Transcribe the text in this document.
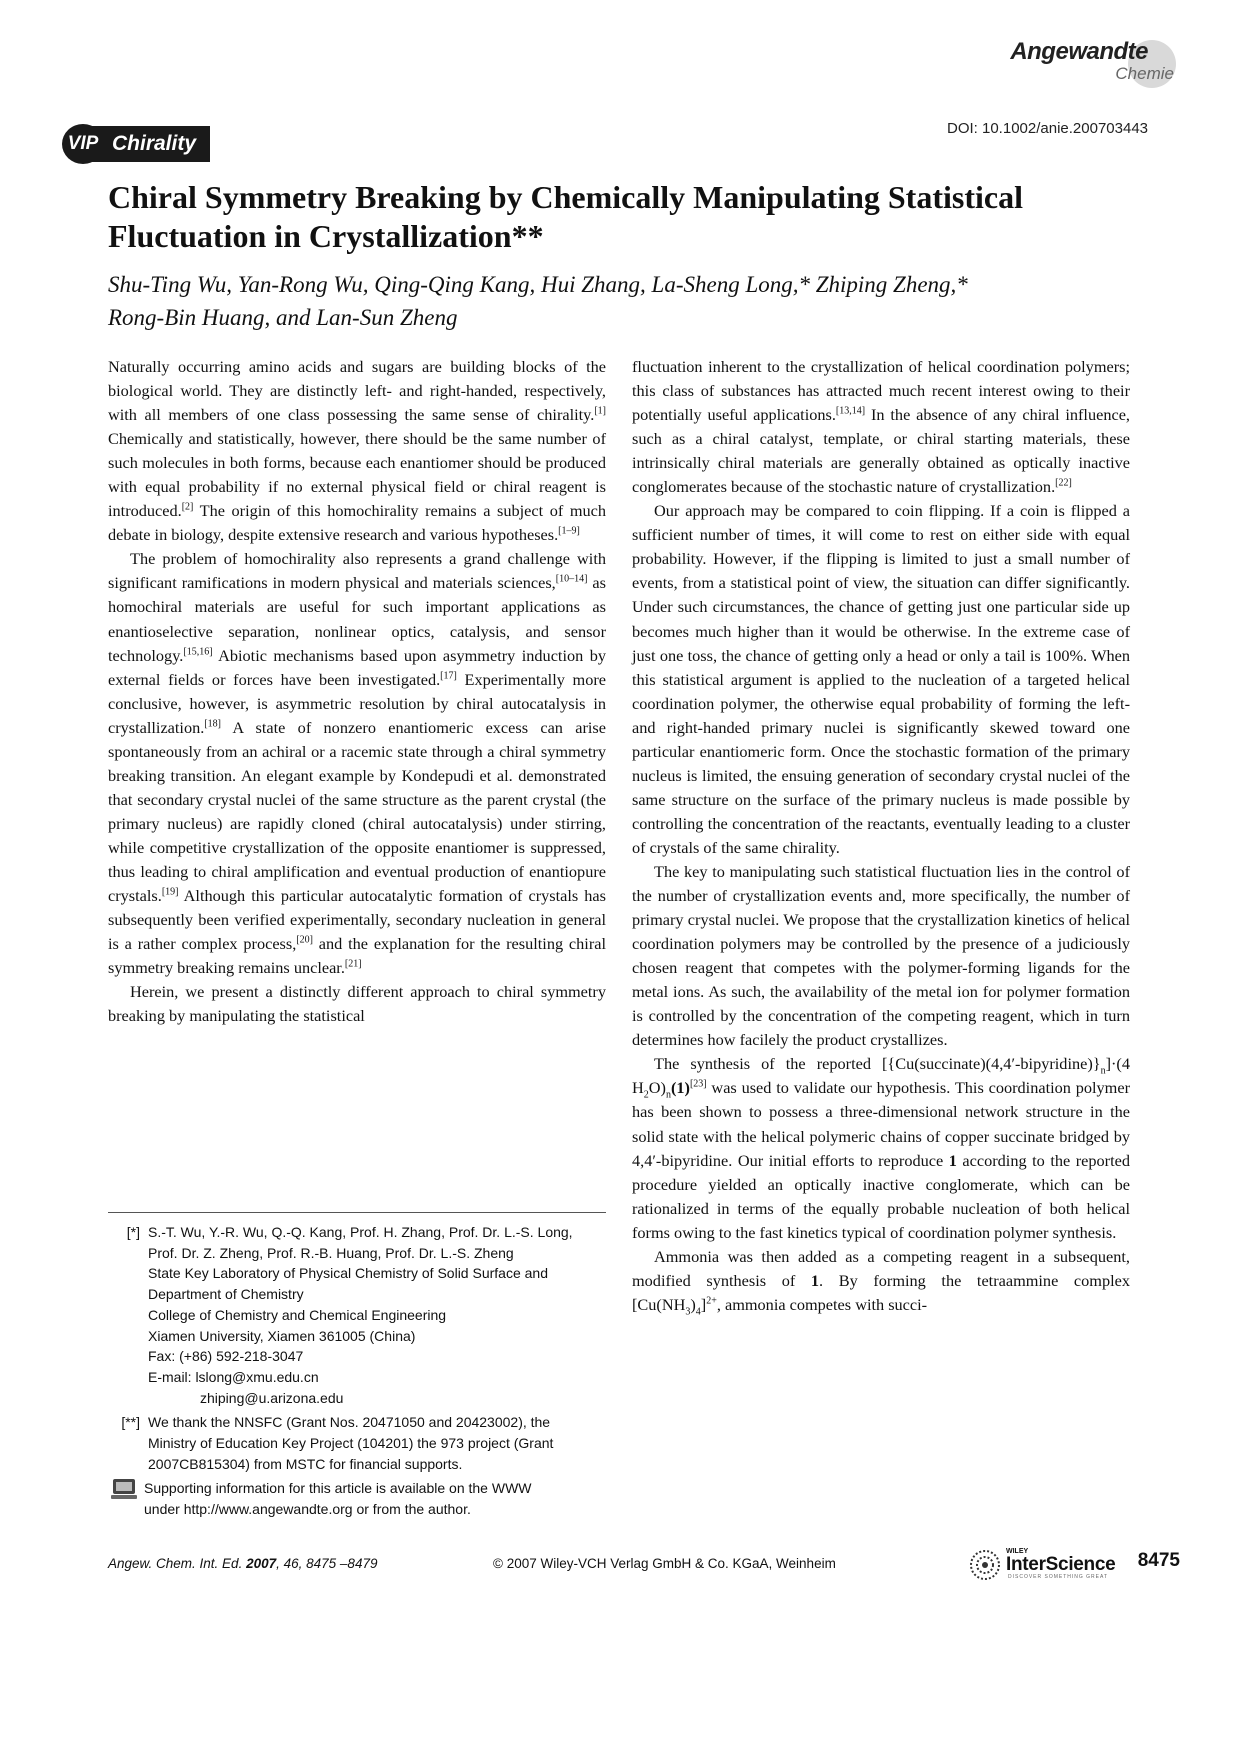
Angewandte
Chemie
DOI: 10.1002/anie.200703443
VIP Chirality
Chiral Symmetry Breaking by Chemically Manipulating Statistical
Fluctuation in Crystallization**

Shu-Ting Wu, Yan-Rong Wu, Qing-Qing Kang, Hui Zhang, La-Sheng Long,* Zhiping Zheng,*
Rong-Bin Huang, and Lan-Sun Zheng

Naturally occurring amino acids and sugars are building blocks of the biological world. They are distinctly left- and right-handed, respectively, with all members of one class possessing the same sense of chirality.[1] Chemically and statistically, however, there should be the same number of such molecules in both forms, because each enantiomer should be produced with equal probability if no external physical field or chiral reagent is introduced.[2] The origin of this homochirality remains a subject of much debate in biology, despite extensive research and various hypotheses.[1–9]

The problem of homochirality also represents a grand challenge with significant ramifications in modern physical and materials sciences,[10–14] as homochiral materials are useful for such important applications as enantioselective separation, nonlinear optics, catalysis, and sensor technology.[15,16] Abiotic mechanisms based upon asymmetry induction by external fields or forces have been investigated.[17] Experimentally more conclusive, however, is asymmetric resolution by chiral autocatalysis in crystallization.[18] A state of nonzero enantiomeric excess can arise spontaneously from an achiral or a racemic state through a chiral symmetry breaking transition. An elegant example by Kondepudi et al. demonstrated that secondary crystal nuclei of the same structure as the parent crystal (the primary nucleus) are rapidly cloned (chiral autocatalysis) under stirring, while competitive crystallization of the opposite enantiomer is suppressed, thus leading to chiral amplification and eventual production of enantiopure crystals.[19] Although this particular autocatalytic formation of crystals has subsequently been verified experimentally, secondary nucleation in general is a rather complex process,[20] and the explanation for the resulting chiral symmetry breaking remains unclear.[21]

Herein, we present a distinctly different approach to chiral symmetry breaking by manipulating the statistical

fluctuation inherent to the crystallization of helical coordination polymers; this class of substances has attracted much recent interest owing to their potentially useful applications.[13,14] In the absence of any chiral influence, such as a chiral catalyst, template, or chiral starting materials, these intrinsically chiral materials are generally obtained as optically inactive conglomerates because of the stochastic nature of crystallization.[22]

Our approach may be compared to coin flipping. If a coin is flipped a sufficient number of times, it will come to rest on either side with equal probability. However, if the flipping is limited to just a small number of events, from a statistical point of view, the situation can differ significantly. Under such circumstances, the chance of getting just one particular side up becomes much higher than it would be otherwise. In the extreme case of just one toss, the chance of getting only a head or only a tail is 100%. When this statistical argument is applied to the nucleation of a targeted helical coordination polymer, the otherwise equal probability of forming the left- and right-handed primary nuclei is significantly skewed toward one particular enantiomeric form. Once the stochastic formation of the primary nucleus is limited, the ensuing generation of secondary crystal nuclei of the same structure on the surface of the primary nucleus is made possible by controlling the concentration of the reactants, eventually leading to a cluster of crystals of the same chirality.

The key to manipulating such statistical fluctuation lies in the control of the number of crystallization events and, more specifically, the number of primary crystal nuclei. We propose that the crystallization kinetics of helical coordination polymers may be controlled by the presence of a judiciously chosen reagent that competes with the polymer-forming ligands for the metal ions. As such, the availability of the metal ion for polymer formation is controlled by the concentration of the competing reagent, which in turn determines how facilely the product crystallizes.

The synthesis of the reported $[\{Cu(succinate)(4,4'-bipyridine)\}_n]\cdot(4$ $H_2O)_n(1)[23]$ was used to validate our hypothesis. This coordination polymer has been shown to possess a three-dimensional network structure in the solid state with the helical polymeric chains of copper succinate bridged by 4,4′-bipyridine. Our initial efforts to reproduce 1 according to the reported procedure yielded an optically inactive conglomerate, which can be rationalized in terms of the equally probable nucleation of both helical forms owing to the fast kinetics typical of coordination polymer synthesis.

Ammonia was then added as a competing reagent in a subsequent, modified synthesis of 1. By forming the tetraammine complex $[Cu(NH_3)_4]^{2+}$, ammonia competes with succi-

[*] S.-T. Wu, Y.-R. Wu, Q.-Q. Kang, Prof. H. Zhang, Prof. Dr. L.-S. Long,
Prof. Dr. Z. Zheng, Prof. R.-B. Huang, Prof. Dr. L.-S. Zheng
State Key Laboratory of Physical Chemistry of Solid Surface and
Department of Chemistry
College of Chemistry and Chemical Engineering
Xiamen University, Xiamen 361005 (China)
Fax: (+86) 592-218-3047
E-mail: lslong@xmu.edu.cn
zhiping@u.arizona.edu
[**] We thank the NNSFC (Grant Nos. 20471050 and 20423002), the
Ministry of Education Key Project (104201) the 973 project (Grant
2007CB815304) from MSTC for financial supports.
Supporting information for this article is available on the WWW
under http://www.angewandte.org or from the author.
Angew. Chem. Int. Ed. 2007, 46, 8475 –8479	© 2007 Wiley-VCH Verlag GmbH & Co. KGaA, Weinheim
WILEY
InterScience
DISCOVER SOMETHING GREAT
8475
